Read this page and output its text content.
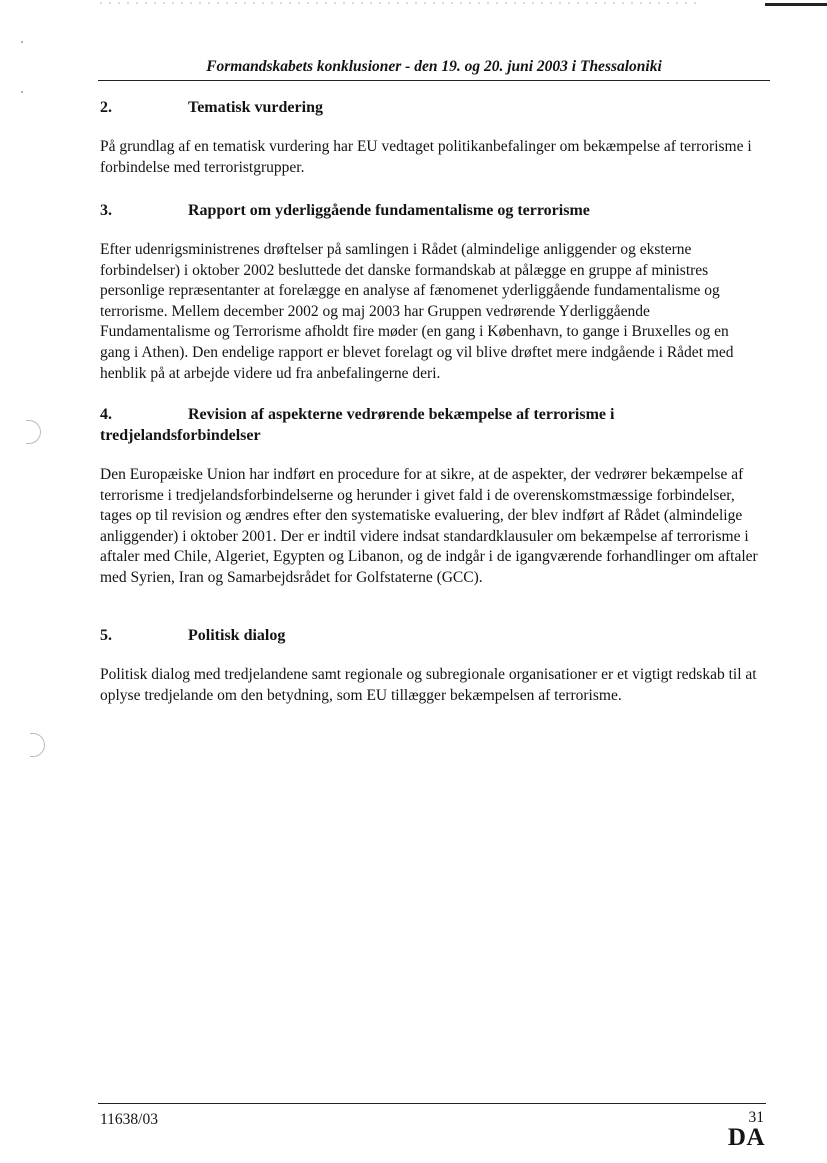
Formandskabets konklusioner - den 19. og 20. juni 2003 i Thessaloniki
2.	Tematisk vurdering
På grundlag af en tematisk vurdering har EU vedtaget politikanbefalinger om bekæmpelse af terrorisme i forbindelse med terroristgrupper.
3.	Rapport om yderliggående fundamentalisme og terrorisme
Efter udenrigsministrenes drøftelser på samlingen i Rådet (almindelige anliggender og eksterne forbindelser) i oktober 2002 besluttede det danske formandskab at pålægge en gruppe af ministres personlige repræsentanter at forelægge en analyse af fænomenet yderliggående fundamentalisme og terrorisme. Mellem december 2002 og maj 2003 har Gruppen vedrørende Yderliggående Fundamentalisme og Terrorisme afholdt fire møder (en gang i København, to gange i Bruxelles og en gang i Athen). Den endelige rapport er blevet forelagt og vil blive drøftet mere indgående i Rådet med henblik på at arbejde videre ud fra anbefalingerne deri.
4.	Revision af aspekterne vedrørende bekæmpelse af terrorisme i tredjelandsforbindelser
Den Europæiske Union har indført en procedure for at sikre, at de aspekter, der vedrører bekæmpelse af terrorisme i tredjelandsforbindelserne og herunder i givet fald i de overenskomstmæssige forbindelser, tages op til revision og ændres efter den systematiske evaluering, der blev indført af Rådet (almindelige anliggender) i oktober 2001. Der er indtil videre indsat standardklausuler om bekæmpelse af terrorisme i aftaler med Chile, Algeriet, Egypten og Libanon, og de indgår i de igangværende forhandlinger om aftaler med Syrien, Iran og Samarbejdsrådet for Golfstaterne (GCC).
5.	Politisk dialog
Politisk dialog med tredjelandene samt regionale og subregionale organisationer er et vigtigt redskab til at oplyse tredjelande om den betydning, som EU tillægger bekæmpelsen af terrorisme.
11638/03	31
DA
